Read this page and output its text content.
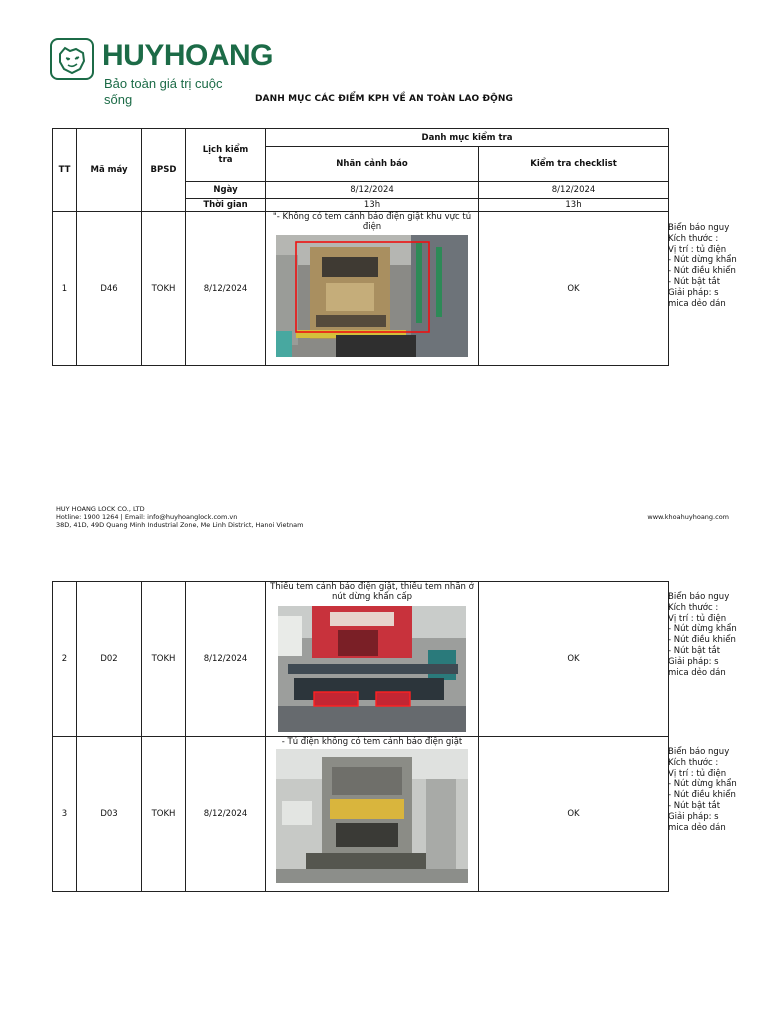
HUYHOANG
Bảo toàn giá trị cuộc sống	DANH MỤC CÁC ĐIỂM KPH VỀ AN TOÀN LAO ĐỘNG
TT	Mã máy	BPSD	Lịch kiểm tra	Danh mục kiểm tra	
				Nhãn cảnh báo	Kiểm tra checklist
			Ngày	8/12/2024	8/12/2024
			Thời gian	13h	13h
1	D46	TOKH	8/12/2024	"- Không có tem cảnh báo điện giật khu vực tủ điện	OK
Biển báo nguy
Kích thước :
Vị trí : tủ điện
- Nút dừng khẩn
- Nút điều khiển
- Nút bật tắt
Giải pháp: s
mica dẻo dán
HUY HOANG LOCK CO., LTD
Hotline: 1900 1264 | Email: info@huyhoanglock.com.vn
38D, 41D, 49D Quang Minh Industrial Zone, Me Linh District, Hanoi Vietnam
www.khoahuyhoang.com
2	D02	TOKH	8/12/2024	Thiếu tem cảnh báo điện giật, thiếu tem nhãn ở nút dừng khẩn cấp	OK
3	D03	TOKH	8/12/2024	- Tủ điện không có tem cảnh báo điện giật	OK
Biển báo nguy
Kích thước :
Vị trí : tủ điện
- Nút dừng khẩn
- Nút điều khiển
- Nút bật tắt
Giải pháp: s
mica dẻo dán
Biển báo nguy
Kích thước :
Vị trí : tủ điện
- Nút dừng khẩn
- Nút điều khiển
- Nút bật tắt
Giải pháp: s
mica dẻo dán
